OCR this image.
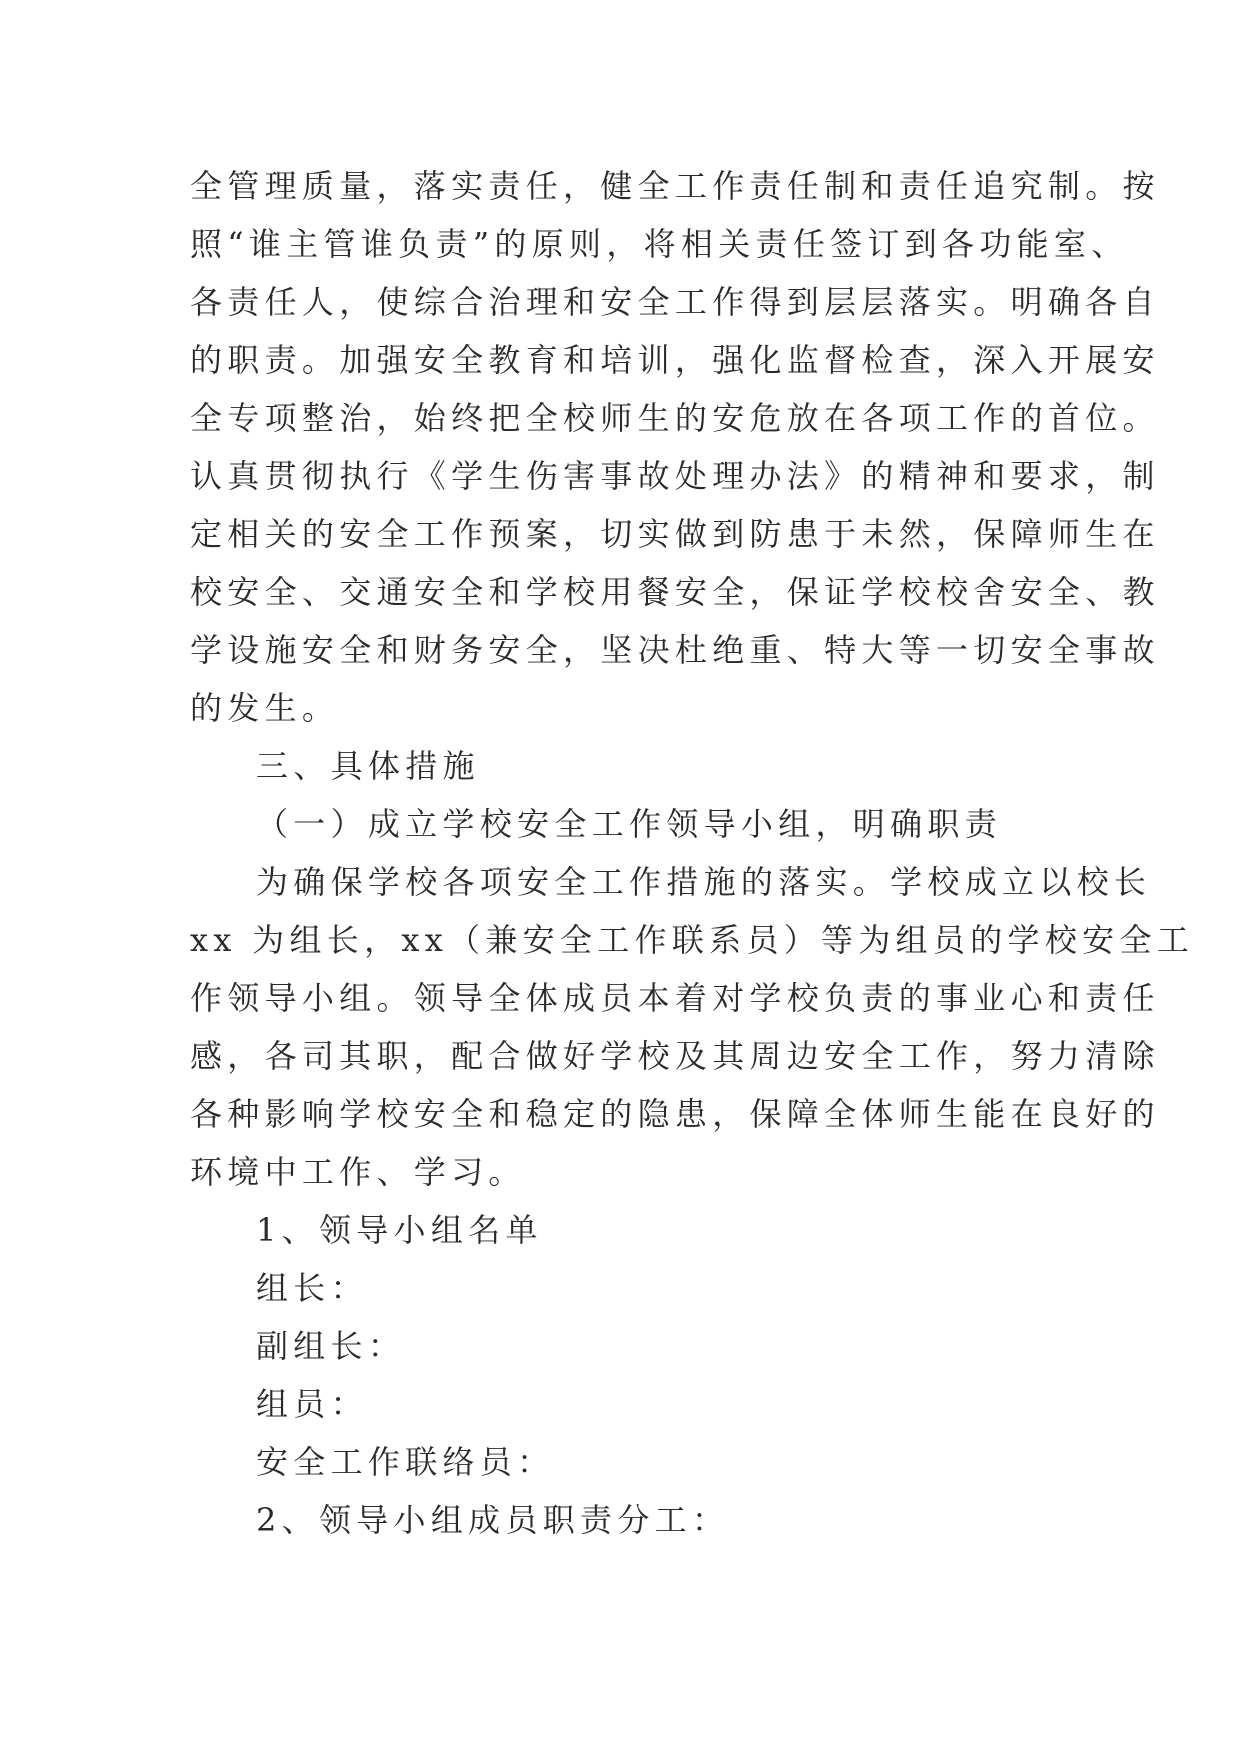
全管理质量，落实责任，健全工作责任制和责任追究制。按

照“谁主管谁负责”的原则，将相关责任签订到各功能室、

各责任人，使综合治理和安全工作得到层层落实。明确各自

的职责。加强安全教育和培训，强化监督检查，深入开展安

全专项整治，始终把全校师生的安危放在各项工作的首位。

认真贯彻执行《学生伤害事故处理办法》的精神和要求，制

定相关的安全工作预案，切实做到防患于未然，保障师生在

校安全、交通安全和学校用餐安全，保证学校校舍安全、教

学设施安全和财务安全，坚决杜绝重、特大等一切安全事故

的发生。

三、具体措施

（一）成立学校安全工作领导小组，明确职责

为确保学校各项安全工作措施的落实。学校成立以校长

xx 为组长，xx（兼安全工作联系员）等为组员的学校安全工

作领导小组。领导全体成员本着对学校负责的事业心和责任

感，各司其职，配合做好学校及其周边安全工作，努力清除

各种影响学校安全和稳定的隐患，保障全体师生能在良好的

环境中工作、学习。

1、领导小组名单

组长：

副组长：

组员：

安全工作联络员：

2、领导小组成员职责分工：
